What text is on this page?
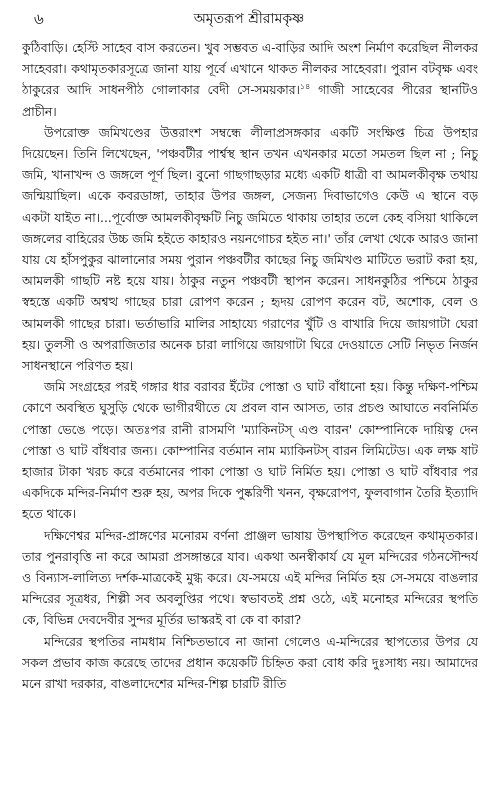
৬	অমৃতরূপ শ্রীরামকৃষ্ণ

কুঠিবাড়ি। হেস্টি সাহেব বাস করতেন। খুব সম্ভবত এ-বাড়ির আদি অংশ নির্মাণ করেছিল নীলকর সাহেবরা। কথামৃতকারসূত্রে জানা যায় পূর্বে এখানে থাকত নীলকর সাহেবরা। পুরান বটবৃক্ষ এবং ঠাকুরের আদি সাধনপীঠ গোলাকার বেদী সে-সময়কার।$^{১৪}$ গাজী সাহেবের পীরের স্থানটিও প্রাচীন।

উপরোক্ত জমিখণ্ডের উত্তরাংশ সম্বন্ধে লীলাপ্রসঙ্গকার একটি সংক্ষিপ্ত চিত্র উপহার দিয়েছেন। তিনি লিখেছেন, 'পঞ্চবটীর পার্শ্বস্থ স্থান তখন এখনকার মতো সমতল ছিল না ; নিচু জমি, খানাখন্দ ও জঙ্গলে পূর্ণ ছিল। বুনো গাছগাছড়ার মধ্যে একটি ধাত্রী বা আমলকীবৃক্ষ তথায় জন্মিয়াছিল। একে কবরডাঙ্গা, তাহার উপর জঙ্গল, সেজন্য দিবাভাগেও কেউ এ স্থানে বড় একটা যাইত না।...পূর্বোক্ত আমলকীবৃক্ষটি নিচু জমিতে থাকায় তাহার তলে কেহ বসিয়া থাকিলে জঙ্গলের বাহিরের উচ্চ জমি হইতে কাহারও নয়নগোচর হইত না।' তাঁর লেখা থেকে আরও জানা যায় যে হাঁসপুকুর ঝালানোর সময় পুরান পঞ্চবটীর কাছের নিচু জমিখণ্ড মাটিতে ভরাট করা হয়, আমলকী গাছটি নষ্ট হয়ে যায়। ঠাকুর নতুন পঞ্চবটী স্থাপন করেন। সাধনকুঠির পশ্চিমে ঠাকুর স্বহস্তে একটি অশ্বত্থ গাছের চারা রোপণ করেন ; হৃদয় রোপণ করেন বট, অশোক, বেল ও আমলকী গাছের চারা। ভর্তাভারি মালির সাহায্যে গরাণের খুঁটি ও বাখারি দিয়ে জায়গাটা ঘেরা হয়। তুলসী ও অপরাজিতার অনেক চারা লাগিয়ে জায়গাটা ঘিরে দেওয়াতে সেটি নিভৃত নির্জন সাধনস্থানে পরিণত হয়।

জমি সংগ্রহের পরই গঙ্গার ধার বরাবর ইঁটের পোস্তা ও ঘাট বাঁধানো হয়। কিন্তু দক্ষিণ-পশ্চিম কোণে অবস্থিত ঘুসুড়ি থেকে ভাগীরথীতে যে প্রবল বান আসত, তার প্রচণ্ড আঘাতে নবনির্মিত পোস্তা ভেঙে পড়ে। অতঃপর রানী রাসমণি 'ম্যাকিনটস্ এণ্ড বারন' কোম্পানিকে দায়িত্ব দেন পোস্তা ও ঘাট বাঁধবার জন্য। কোম্পানির বর্তমান নাম ম্যাকিনটস্ বারন লিমিটেড। এক লক্ষ ষাট হাজার টাকা খরচ করে বর্তমানের পাকা পোস্তা ও ঘাট নির্মিত হয়। পোস্তা ও ঘাট বাঁধবার পর একদিকে মন্দির-নির্মাণ শুরু হয়, অপর দিকে পুষ্করিণী খনন, বৃক্ষরোপণ, ফুলবাগান তৈরি ইত্যাদি হতে থাকে।

দক্ষিণেশ্বর মন্দির-প্রাঙ্গণের মনোরম বর্ণনা প্রাঞ্জল ভাষায় উপস্থাপিত করেছেন কথামৃতকার। তার পুনরাবৃত্তি না করে আমরা প্রসঙ্গান্তরে যাব। একথা অনস্বীকার্য যে মূল মন্দিরের গঠনসৌন্দর্য ও বিন্যাস-লালিত্য দর্শক-মাত্রকেই মুগ্ধ করে। যে-সময়ে এই মন্দির নির্মিত হয় সে-সময়ে বাঙলার মন্দিরের সূত্রধর, শিল্পী সব অবলুপ্তির পথে। স্বভাবতই প্রশ্ন ওঠে, এই মনোহর মন্দিরের স্থপতি কে, বিভিন্ন দেবদেবীর সুন্দর মূর্তির ভাস্করই বা কে বা কারা?

মন্দিরের স্থপতির নামধাম নিশ্চিতভাবে না জানা গেলেও এ-মন্দিরের স্থাপত্যের উপর যে সকল প্রভাব কাজ করেছে তাদের প্রধান কয়েকটি চিহ্নিত করা বোধ করি দুঃসাধ্য নয়। আমাদের মনে রাখা দরকার, বাঙলাদেশের মন্দির-শিল্প চারটি রীতি
